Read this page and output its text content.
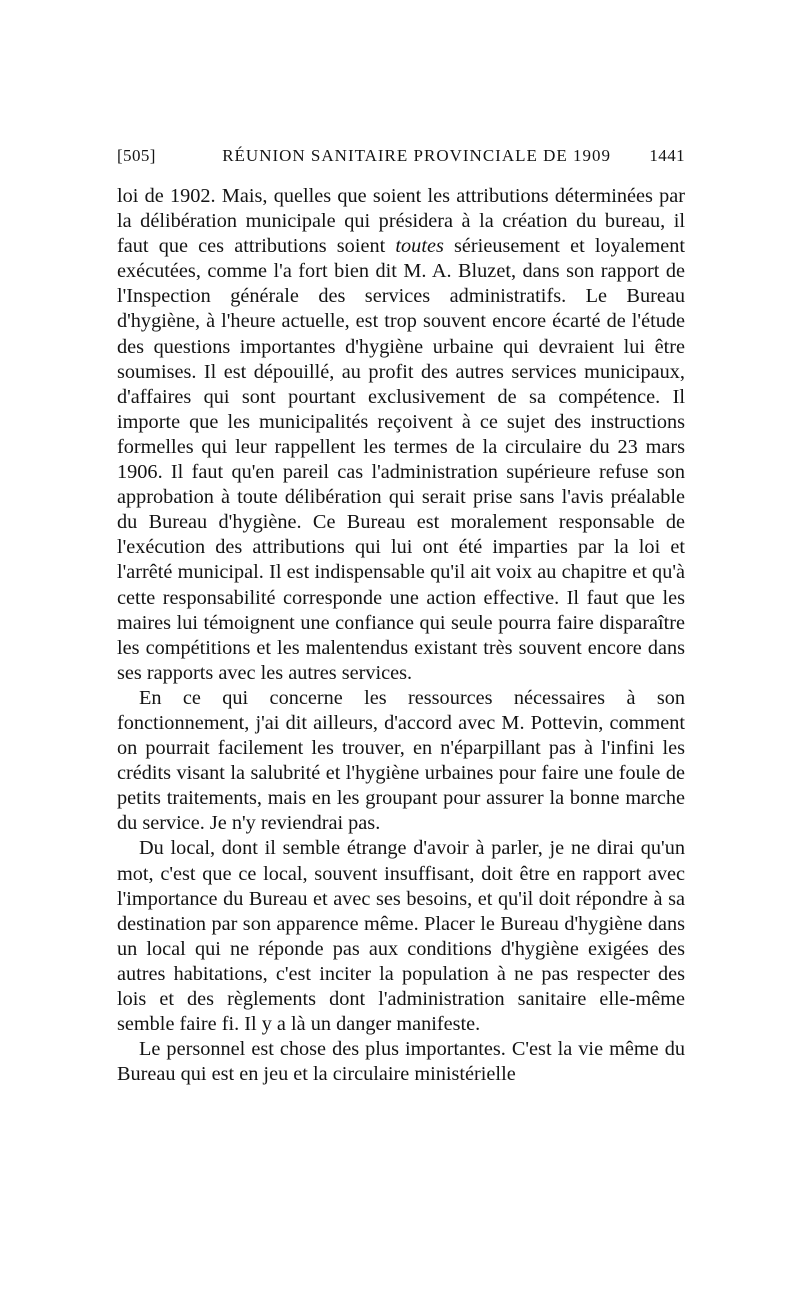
[505]	RÉUNION SANITAIRE PROVINCIALE DE 1909	1441

loi de 1902. Mais, quelles que soient les attributions déterminées par la délibération municipale qui présidera à la création du bureau, il faut que ces attributions soient toutes sérieusement et loyalement exécutées, comme l'a fort bien dit M. A. Bluzet, dans son rapport de l'Inspection générale des services administratifs. Le Bureau d'hygiène, à l'heure actuelle, est trop souvent encore écarté de l'étude des questions importantes d'hygiène urbaine qui devraient lui être soumises. Il est dépouillé, au profit des autres services municipaux, d'affaires qui sont pourtant exclusivement de sa compétence. Il importe que les municipalités reçoivent à ce sujet des instructions formelles qui leur rappellent les termes de la circulaire du 23 mars 1906. Il faut qu'en pareil cas l'administration supérieure refuse son approbation à toute délibération qui serait prise sans l'avis préalable du Bureau d'hygiène. Ce Bureau est moralement responsable de l'exécution des attributions qui lui ont été imparties par la loi et l'arrêté municipal. Il est indispensable qu'il ait voix au chapitre et qu'à cette responsabilité corresponde une action effective. Il faut que les maires lui témoignent une confiance qui seule pourra faire disparaître les compétitions et les malentendus existant très souvent encore dans ses rapports avec les autres services.

En ce qui concerne les ressources nécessaires à son fonctionnement, j'ai dit ailleurs, d'accord avec M. Pottevin, comment on pourrait facilement les trouver, en n'éparpillant pas à l'infini les crédits visant la salubrité et l'hygiène urbaines pour faire une foule de petits traitements, mais en les groupant pour assurer la bonne marche du service. Je n'y reviendrai pas.

Du local, dont il semble étrange d'avoir à parler, je ne dirai qu'un mot, c'est que ce local, souvent insuffisant, doit être en rapport avec l'importance du Bureau et avec ses besoins, et qu'il doit répondre à sa destination par son apparence même. Placer le Bureau d'hygiène dans un local qui ne réponde pas aux conditions d'hygiène exigées des autres habitations, c'est inciter la population à ne pas respecter des lois et des règlements dont l'administration sanitaire elle-même semble faire fi. Il y a là un danger manifeste.

Le personnel est chose des plus importantes. C'est la vie même du Bureau qui est en jeu et la circulaire ministérielle
